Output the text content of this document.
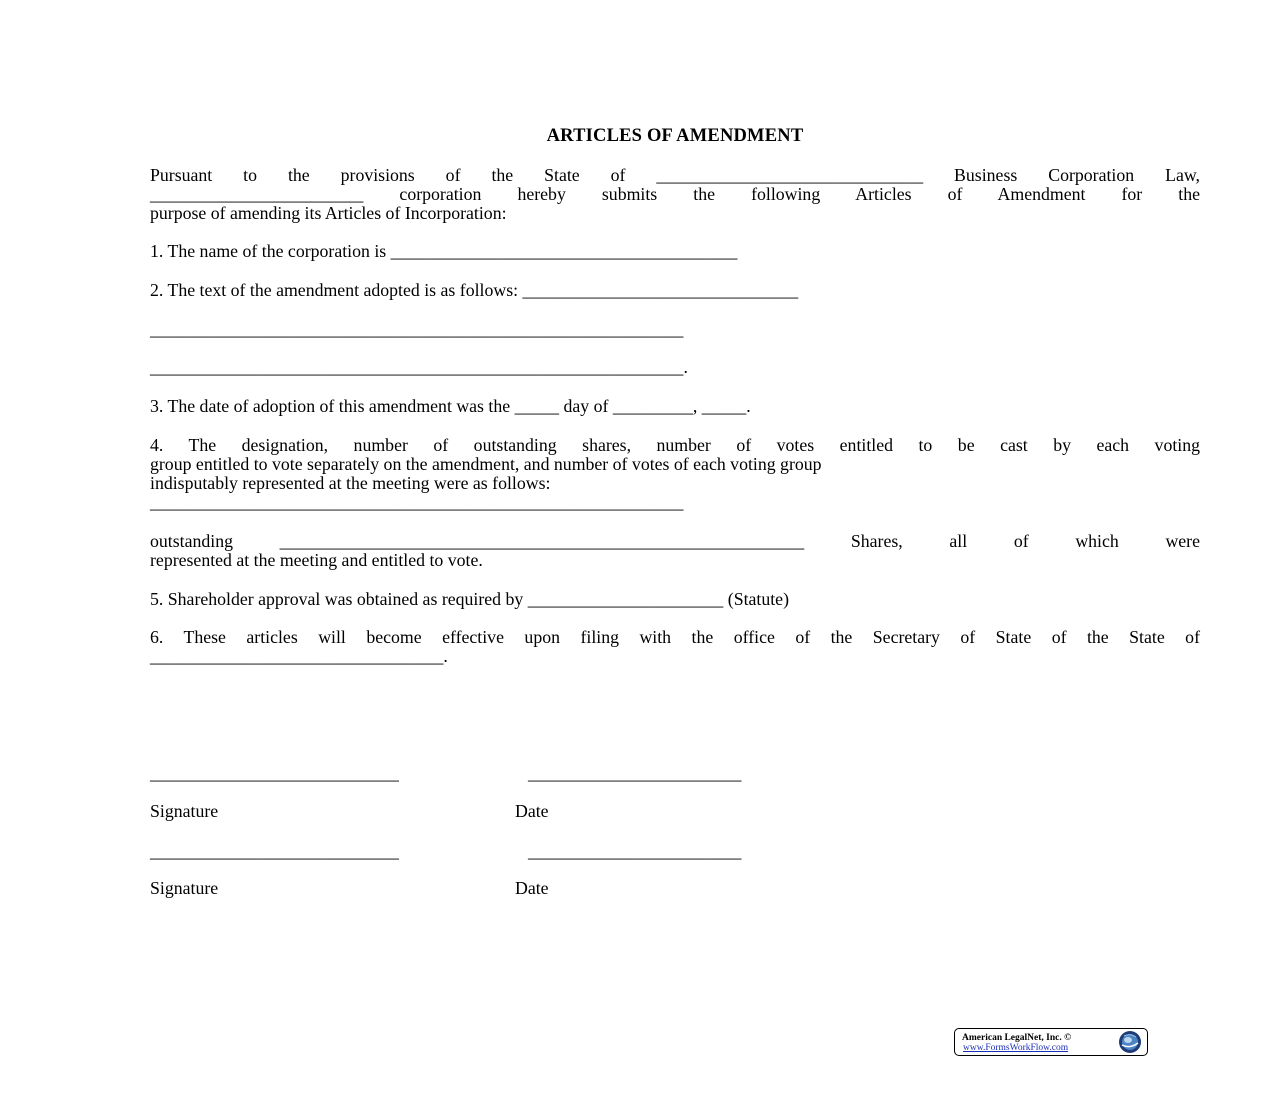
ARTICLES OF AMENDMENT
Pursuant to the provisions of the State of ______________________________ Business Corporation Law,
________________________ corporation hereby submits the following Articles of Amendment for the
purpose of amending its Articles of Incorporation:
1. The name of the corporation is _______________________________________
2. The text of the amendment adopted is as follows: _______________________________
____________________________________________________________
____________________________________________________________.
3. The date of adoption of this amendment was the _____ day of _________, _____.
4. The designation, number of outstanding shares, number of votes entitled to be cast by each voting
group entitled to vote separately on the amendment, and number of votes of each voting group
indisputably represented at the meeting were as follows:
____________________________________________________________
outstanding ___________________________________________________________ Shares, all of which were
represented at the meeting and entitled to vote.
5. Shareholder approval was obtained as required by ______________________ (Statute)
6. These articles will become effective upon filing with the office of the Secretary of State of the State of
_________________________________.
____________________________	________________________
Signature	Date
____________________________	________________________
Signature	Date
American LegalNet, Inc. ©
www.FormsWorkFlow.com
